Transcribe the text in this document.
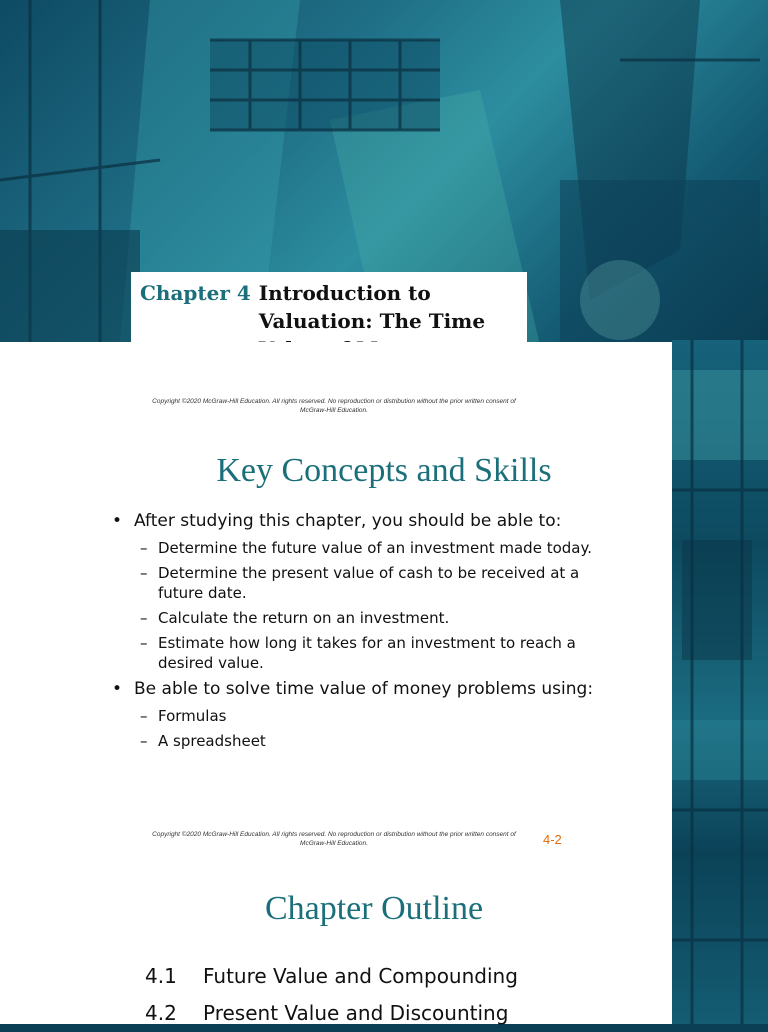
Chapter 4 Introduction to Valuation: The Time
Copyright ©2020 McGraw-Hill Education. All rights reserved. No reproduction or distribution without the prior written consent of McGraw-Hill Education.
Key Concepts and Skills
• After studying this chapter, you should be able to:
– Determine the future value of an investment made today.
– Determine the present value of cash to be received at a future date.
– Calculate the return on an investment.
– Estimate how long it takes for an investment to reach a desired value.
• Be able to solve time value of money problems using:
– Formulas
– A spreadsheet
Copyright ©2020 McGraw-Hill Education. All rights reserved. No reproduction or distribution without the prior written consent of McGraw-Hill Education.	4-2
Chapter Outline
4.1	Future Value and Compounding
4.2	Present Value and Discounting
